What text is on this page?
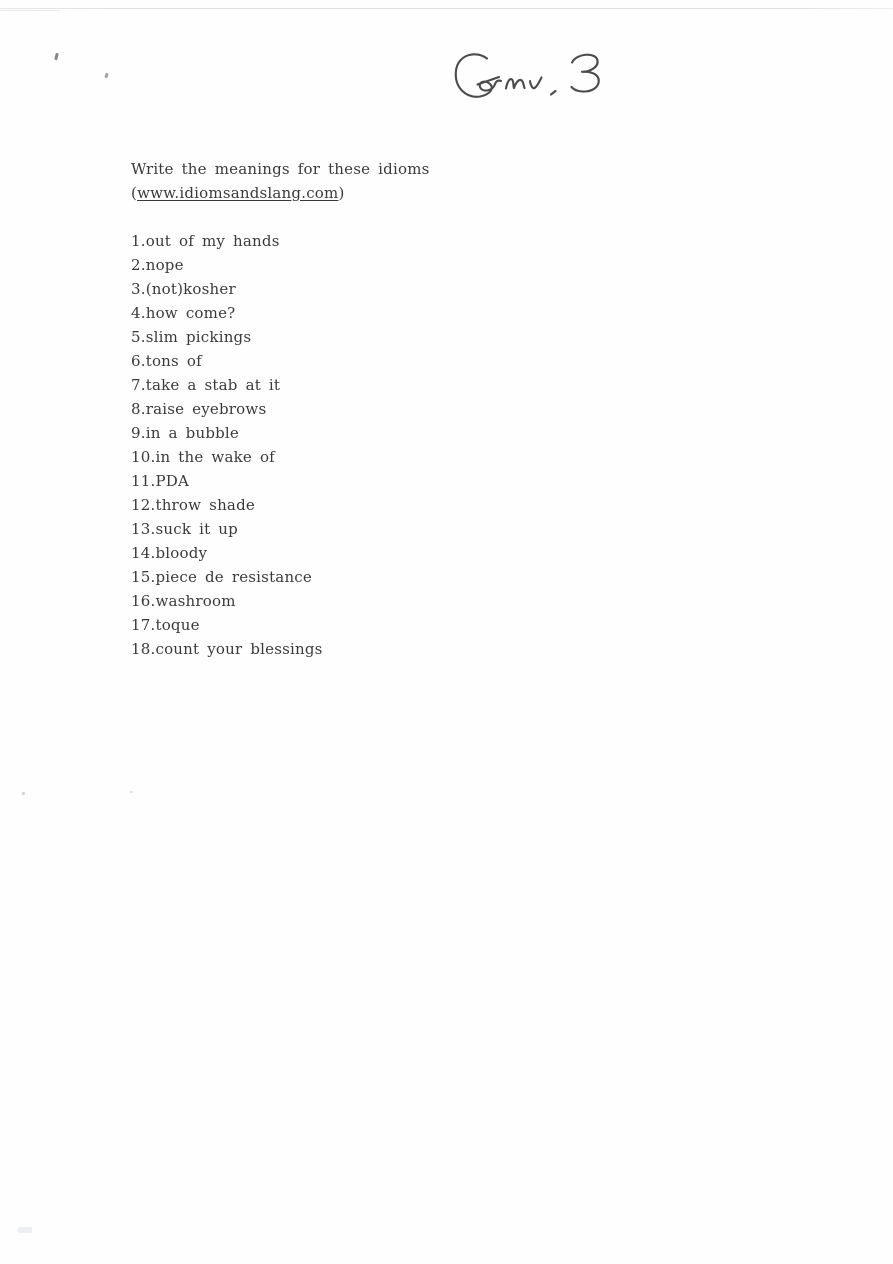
Write the meanings for these idioms
(www.idiomsandslang.com)

1.out of my hands
2.nope
3.(not)kosher
4.how come?
5.slim pickings
6.tons of
7.take a stab at it
8.raise eyebrows
9.in a bubble
10.in the wake of
11.PDA
12.throw shade
13.suck it up
14.bloody
15.piece de resistance
16.washroom
17.toque
18.count your blessings
